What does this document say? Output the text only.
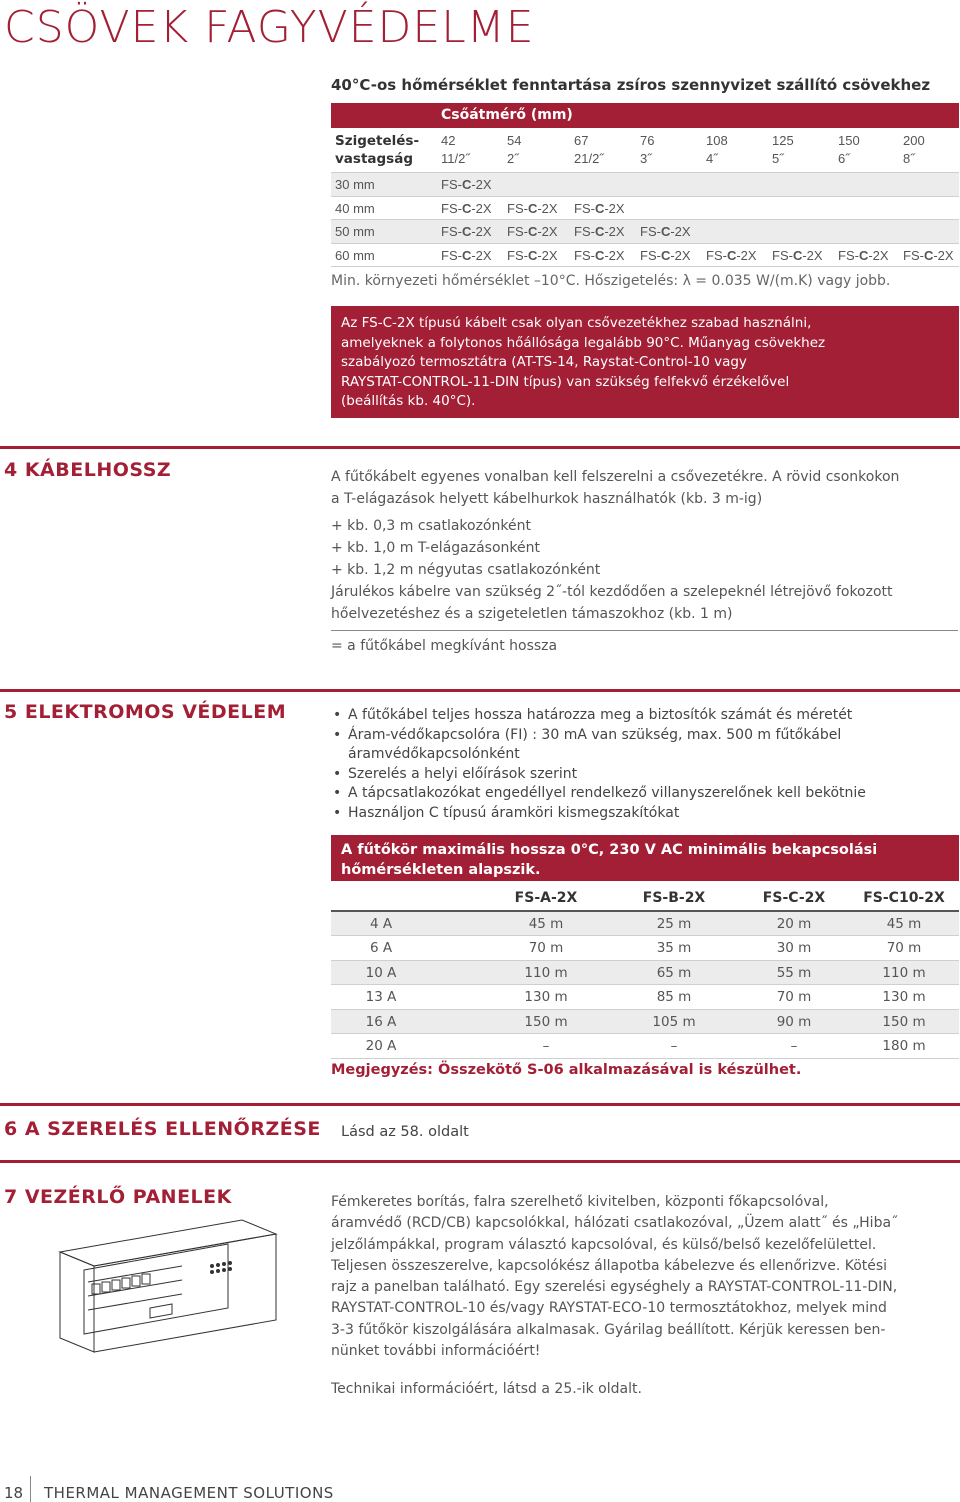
CSÖVEK FAGYVÉDELME
40°C-os hőmérséklet fenntartása zsíros szennyvizet szállító csövekhez
Csőátmérő (mm)
Szigetelés-
vastagság
42
11/2˝
54
2˝
67
21/2˝
76
3˝
108
4˝
125
5˝
150
6˝
200
8˝
30 mm	FS-C-2X
40 mm	FS-C-2X FS-C-2X FS-C-2X
50 mm	FS-C-2X FS-C-2X FS-C-2X FS-C-2X
60 mm	FS-C-2X FS-C-2X FS-C-2X FS-C-2X FS-C-2X FS-C-2X FS-C-2X FS-C-2X
Min. környezeti hőmérséklet –10°C. Hőszigetelés: λ = 0.035 W/(m.K) vagy jobb.
Az FS-C-2X típusú kábelt csak olyan csővezetékhez szabad használni,
amelyeknek a folytonos hőállósága legalább 90°C. Műanyag csövekhez
szabályozó termosztátra (AT-TS-14, Raystat-Control-10 vagy
RAYSTAT-CONTROL-11-DIN típus) van szükség felfekvő érzékelővel
(beállítás kb. 40°C).
4 KÁBELHOSSZ	A fűtőkábelt egyenes vonalban kell felszerelni a csővezetékre. A rövid csonkokon
a T-elágazások helyett kábelhurkok használhatók (kb. 3 m-ig)
+ kb. 0,3 m csatlakozónként
+ kb. 1,0 m T-elágazásonként
+ kb. 1,2 m négyutas csatlakozónként
Járulékos kábelre van szükség 2˝-tól kezdődően a szelepeknél létrejövő fokozott
hőelvezetéshez és a szigeteletlen támaszokhoz (kb. 1 m)
= a fűtőkábel megkívánt hossza
5 ELEKTROMOS VÉDELEM
•	A fűtőkábel teljes hossza határozza meg a biztosítók számát és méretét
• Áram-védőkapcsolóra (FI) : 30 mA van szükség, max. 500 m fűtőkábel áramvédőkapcsolónként
• Szerelés a helyi előírások szerint
• A tápcsatlakozókat engedéllyel rendelkező villanyszerelőnek kell bekötnie
• Használjon C típusú áramköri kismegszakítókat
A fűtőkör maximális hossza 0°C, 230 V AC minimális bekapcsolási
hőmérsékleten alapszik.
FS-A-2X	FS-B-2X	FS-C-2X	FS-C10-2X
4 A	45 m	25 m	20 m	45 m
6 A	70 m	35 m	30 m	70 m
10 A	110 m	65 m	55 m	110 m
13 A	130 m	85 m	70 m	130 m
16 A	150 m	105 m	90 m	150 m
20 A	–	–	–	180 m
Megjegyzés: Összekötő S-06 alkalmazásával is készülhet.
6 A SZERELÉS ELLENŐRZÉSE Lásd az 58. oldalt
7 VEZÉRLŐ PANELEK	Fémkeretes borítás, falra szerelhető kivitelben, központi főkapcsolóval,
áramvédő (RCD/CB) kapcsolókkal, hálózati csatlakozóval, „Üzem alatt˝ és „Hiba˝
jelzőlámpákkal, program választó kapcsolóval, és külső/belső kezelőfelülettel.
Teljesen összeszerelve, kapcsolókész állapotba kábelezve és ellenőrizve. Kötési
rajz a panelban található. Egy szerelési egységhely a RAYSTAT-CONTROL-11-DIN,
RAYSTAT-CONTROL-10 és/vagy RAYSTAT-ECO-10 termosztátokhoz, melyek mind
3-3 fűtőkör kiszolgálására alkalmasak. Gyárilag beállított. Kérjük keressen ben-
nünket további információért!
Technikai információért, látsd a 25.-ik oldalt.
18 THERMAL MANAGEMENT SOLUTIONS
